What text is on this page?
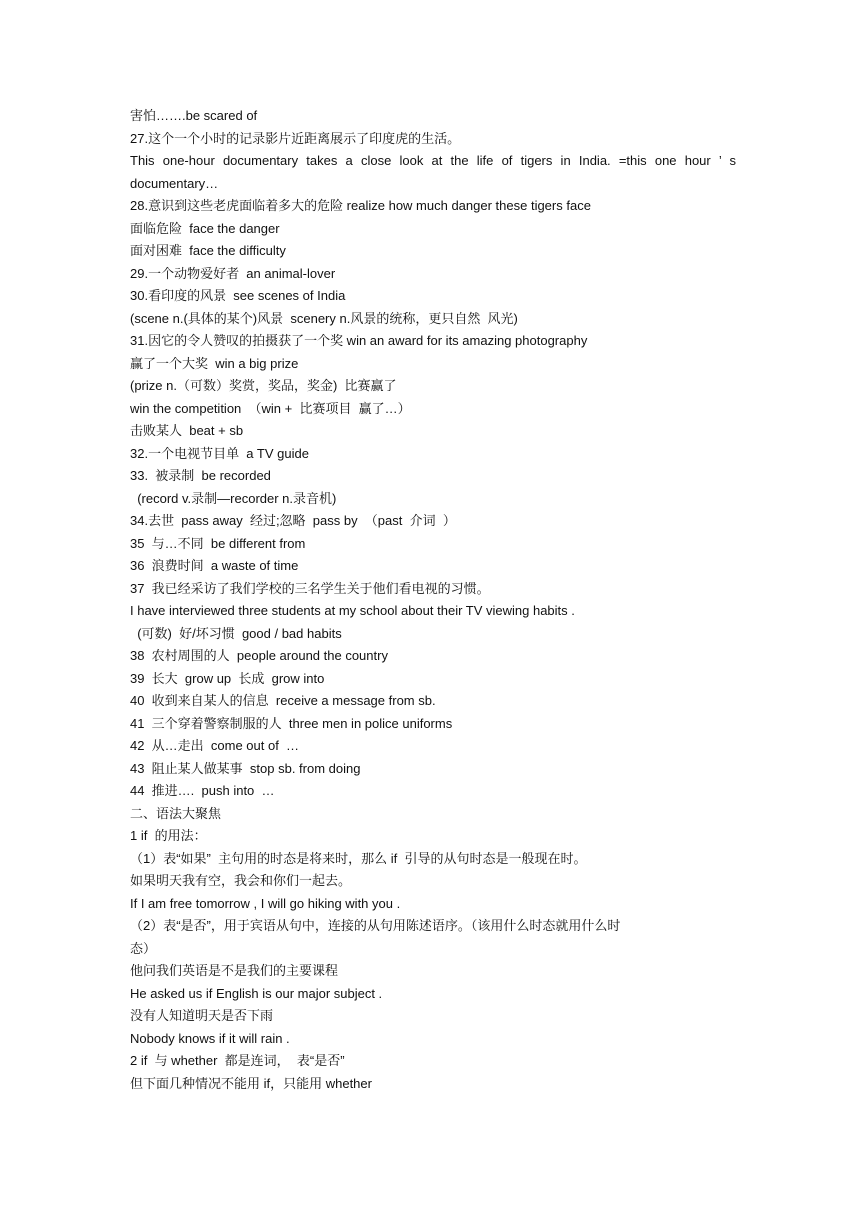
害怕…….be scared of
27.这个一个小时的记录影片近距离展示了印度虎的生活。
This one-hour documentary takes a close look at the life of tigers in India. =this one hour ’ s
documentary…
28.意识到这些老虎面临着多大的危险 realize how much danger these tigers face
面临危险  face the danger
面对困难  face the difficulty
29.一个动物爱好者  an animal-lover
30.看印度的风景  see scenes of India
(scene n.(具体的某个)风景  scenery n.风景的统称，更只自然  风光)
31.因它的令人赞叹的拍摄获了一个奖 win an award for its amazing photography
赢了一个大奖  win a big prize
(prize n.（可数）奖赏，奖品，奖金)  比赛赢了
win the competition  （win +  比赛项目  赢了…）
击败某人  beat + sb
32.一个电视节目单  a TV guide
33.  被录制  be recorded
(record v.录制—recorder n.录音机)
34.去世  pass away  经过;忽略  pass by  （past  介词  ）
35  与…不同  be different from
36  浪费时间  a waste of time
37  我已经采访了我们学校的三名学生关于他们看电视的习惯。
I have interviewed three students at my school about their TV viewing habits .
(可数)  好/坏习惯  good / bad habits
38  农村周围的人  people around the country
39  长大  grow up  长成  grow into
40  收到来自某人的信息  receive a message from sb.
41  三个穿着警察制服的人  three men in police uniforms
42  从…走出  come out of  …
43  阻止某人做某事  stop sb. from doing
44  推进….  push into  …
二、语法大聚焦
1 if  的用法：
（1）表“如果”  主句用的时态是将来时，那么 if  引导的从句时态是一般现在时。
如果明天我有空，我会和你们一起去。
If I am free tomorrow , I will go hiking with you .
（2）表“是否”，用于宾语从句中，连接的从句用陈述语序。（该用什么时态就用什么时
态）
他问我们英语是不是我们的主要课程
He asked us if English is our major subject .
没有人知道明天是否下雨
Nobody knows if it will rain .
2 if  与 whether  都是连词，  表“是否”
但下面几种情况不能用 if，只能用 whether
